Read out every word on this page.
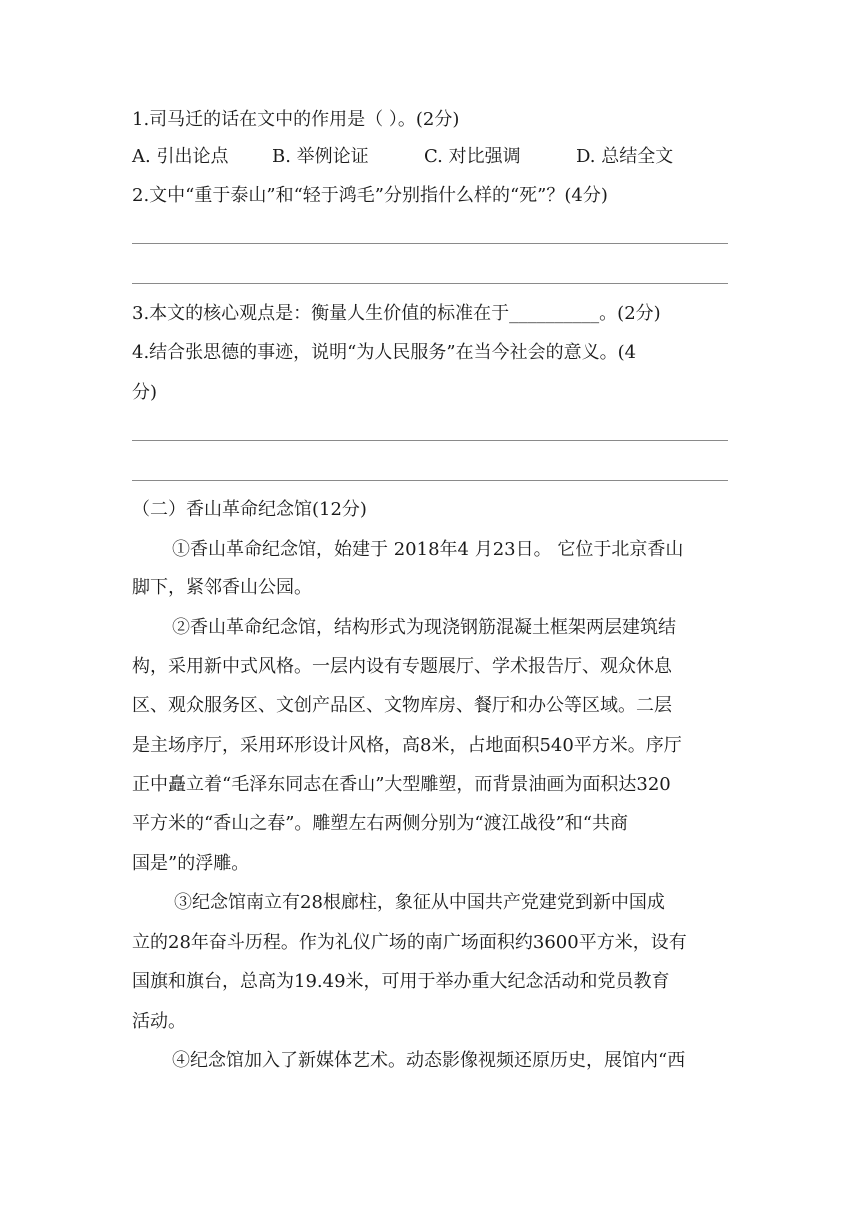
1.司马迁的话在文中的作用是（ ）。(2分)
A. 引出论点 B. 举例论证	C. 对比强调	D. 总结全文
2.文中“重于泰山”和“轻于鸿毛”分别指什么样的“死”？(4分)
3.本文的核心观点是：衡量人生价值的标准在于__________。(2分)
4.结合张思德的事迹，说明“为人民服务”在当今社会的意义。(4
分)
（二）香山革命纪念馆(12分)
①香山革命纪念馆，始建于 2018年4 月23日。 它位于北京香山
脚下，紧邻香山公园。
②香山革命纪念馆，结构形式为现浇钢筋混凝土框架两层建筑结
构，采用新中式风格。一层内设有专题展厅、学术报告厅、观众休息
区、观众服务区、文创产品区、文物库房、餐厅和办公等区域。二层
是主场序厅，采用环形设计风格，高8米，占地面积540平方米。序厅
正中矗立着“毛泽东同志在香山”大型雕塑，而背景油画为面积达320
平方米的“香山之春”。雕塑左右两侧分别为“渡江战役”和“共商
国是”的浮雕。
③纪念馆南立有28根廊柱，象征从中国共产党建党到新中国成
立的28年奋斗历程。作为礼仪广场的南广场面积约3600平方米，设有
国旗和旗台，总高为19.49米，可用于举办重大纪念活动和党员教育
活动。
④纪念馆加入了新媒体艺术。动态影像视频还原历史，展馆内“西
